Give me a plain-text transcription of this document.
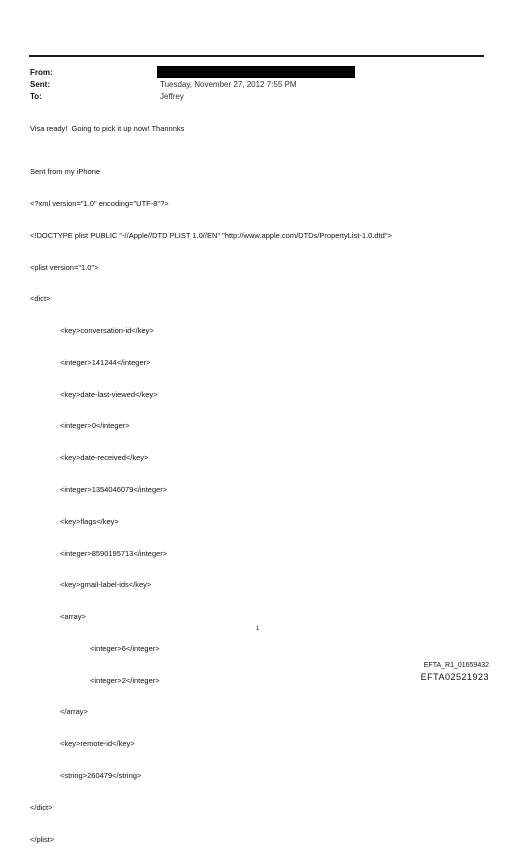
From:
Sent:	Tuesday, November 27, 2012 7:55 PM
To:	Jeffrey
Visa ready!  Going to pick it up now! Thannnks

Sent from my iPhone

<?xml version="1.0" encoding="UTF-8"?>

<!DOCTYPE plist PUBLIC "-//Apple//DTD PLIST 1.0//EN" "http://www.apple.com/DTDs/PropertyList-1.0.dtd">

<plist version="1.0">

<dict>

<key>conversation-id</key>

<integer>141244</integer>

<key>date-last-viewed</key>

<integer>0</integer>

<key>date-received</key>

<integer>1354046079</integer>

<key>flags</key>

<integer>8590195713</integer>

<key>gmail-label-ids</key>

<array>

<integer>6</integer>

<integer>2</integer>

</array>

<key>remote-id</key>

<string>260479</string>

</dict>

</plist>

1
EFTA_R1_01659432
EFTA02521923
